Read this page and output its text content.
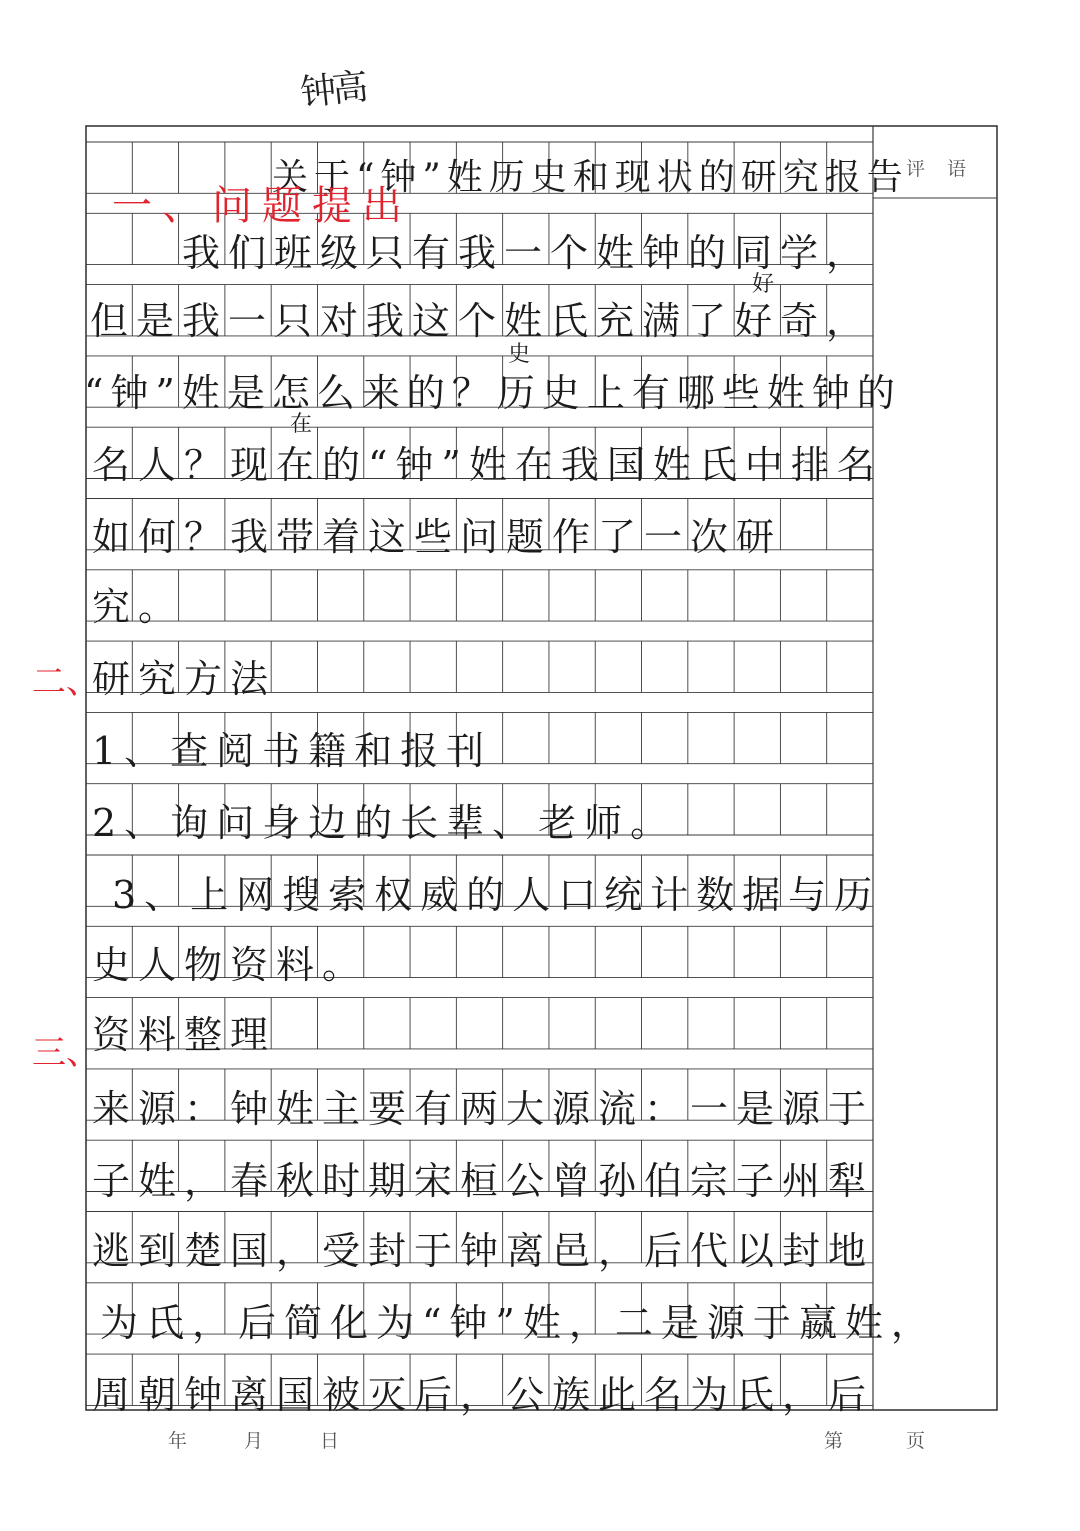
钟高
评 语
关于“钟”姓历史和现状的研究报告
一、问题提出
我们班级只有我一个姓钟的同学，
但是我一只对我这个姓氏充满了好奇，
好
“钟”姓是怎么来的？历史上有哪些姓钟的
史
名人？现在的“钟”姓在我国姓氏中排名
在
如何？我带着这些问题作了一次研
究。
二、
研究方法
1、查阅书籍和报刊
2、询问身边的长辈、老师。
3、上网搜索权威的人口统计数据与历
史人物资料。
三、
资料整理
来源：钟姓主要有两大源流：一是源于
子姓，春秋时期宋桓公曾孙伯宗子州犁
逃到楚国，受封于钟离邑，后代以封地
为氏，后简化为“钟”姓，二是源于嬴姓，
周朝钟离国被灭后，公族此名为氏，后
年	月	日	第	页
